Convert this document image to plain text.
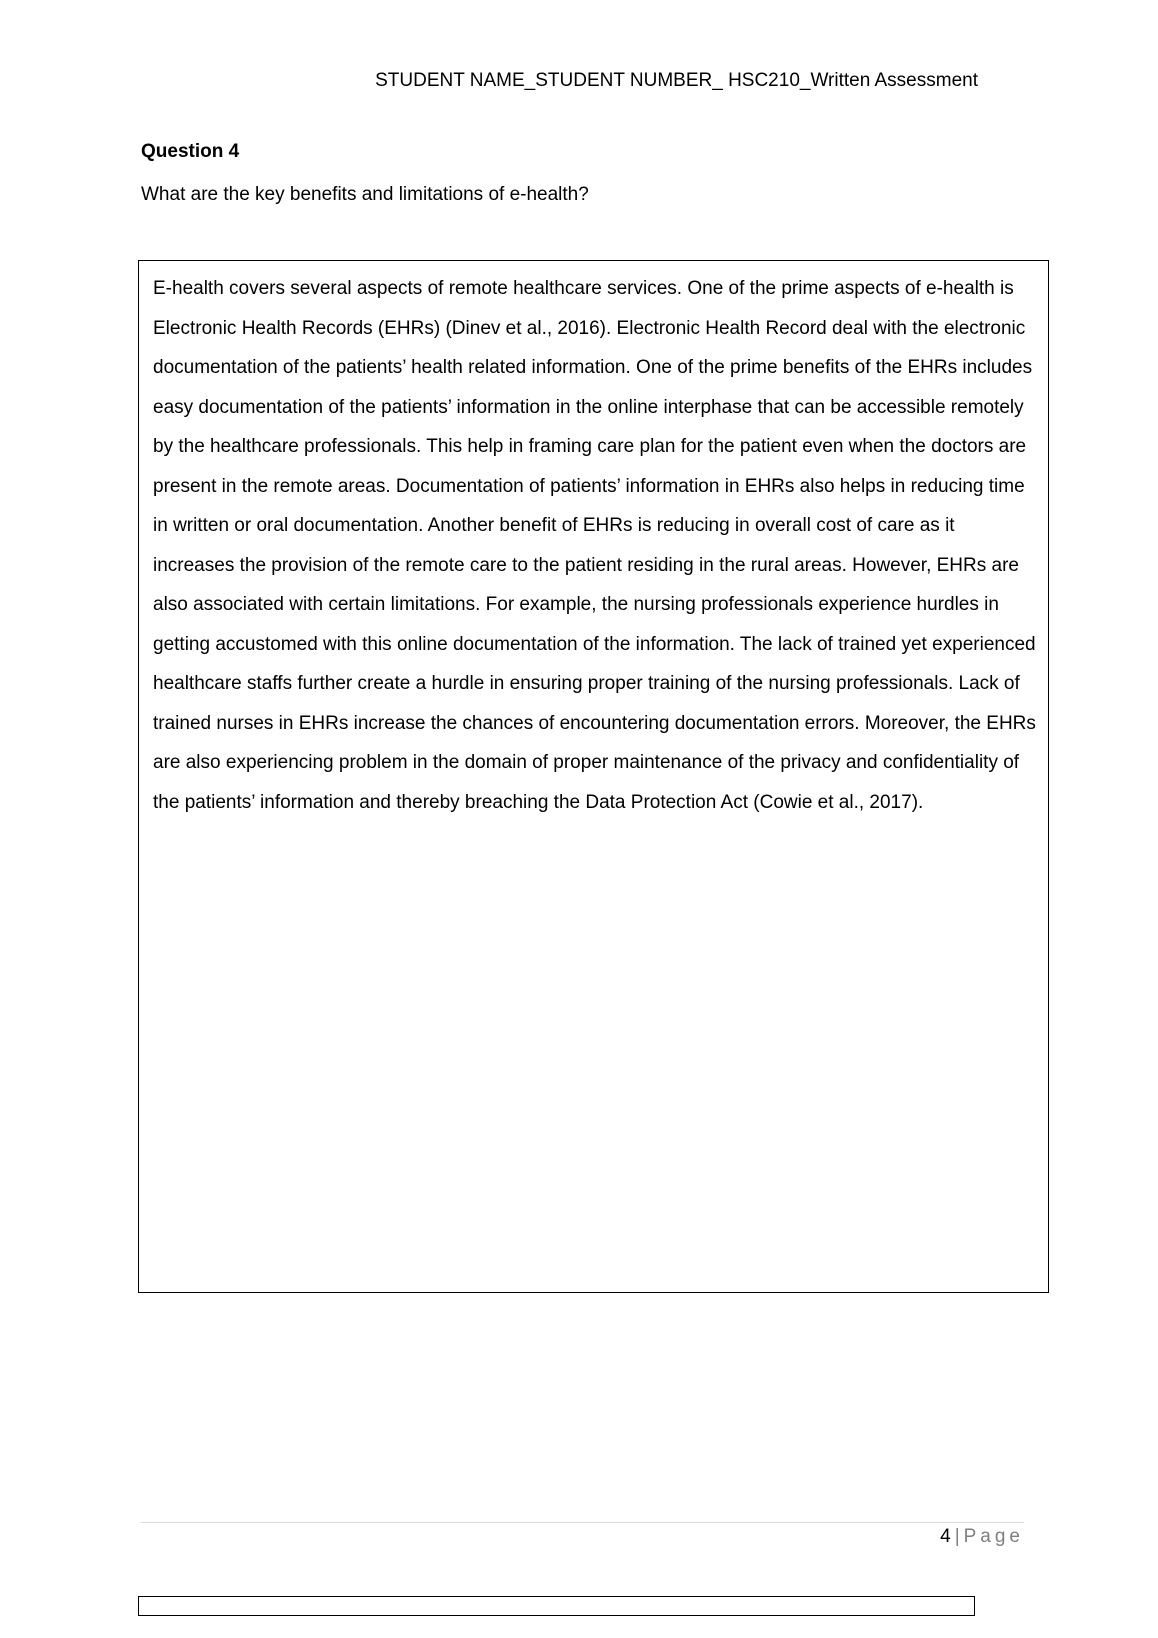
STUDENT NAME_STUDENT NUMBER_ HSC210_Written Assessment
Question 4
What are the key benefits and limitations of e-health?

E-health covers several aspects of remote healthcare services. One of the prime aspects of e-health is Electronic Health Records (EHRs) (Dinev et al., 2016). Electronic Health Record deal with the electronic documentation of the patients’ health related information. One of the prime benefits of the EHRs includes easy documentation of the patients’ information in the online interphase that can be accessible remotely by the healthcare professionals. This help in framing care plan for the patient even when the doctors are present in the remote areas. Documentation of patients’ information in EHRs also helps in reducing time in written or oral documentation. Another benefit of EHRs is reducing in overall cost of care as it increases the provision of the remote care to the patient residing in the rural areas. However, EHRs are also associated with certain limitations. For example, the nursing professionals experience hurdles in getting accustomed with this online documentation of the information. The lack of trained yet experienced healthcare staffs further create a hurdle in ensuring proper training of the nursing professionals. Lack of trained nurses in EHRs increase the chances of encountering documentation errors. Moreover, the EHRs are also experiencing problem in the domain of proper maintenance of the privacy and confidentiality of the patients’ information and thereby breaching the Data Protection Act (Cowie et al., 2017).

4 | Page
